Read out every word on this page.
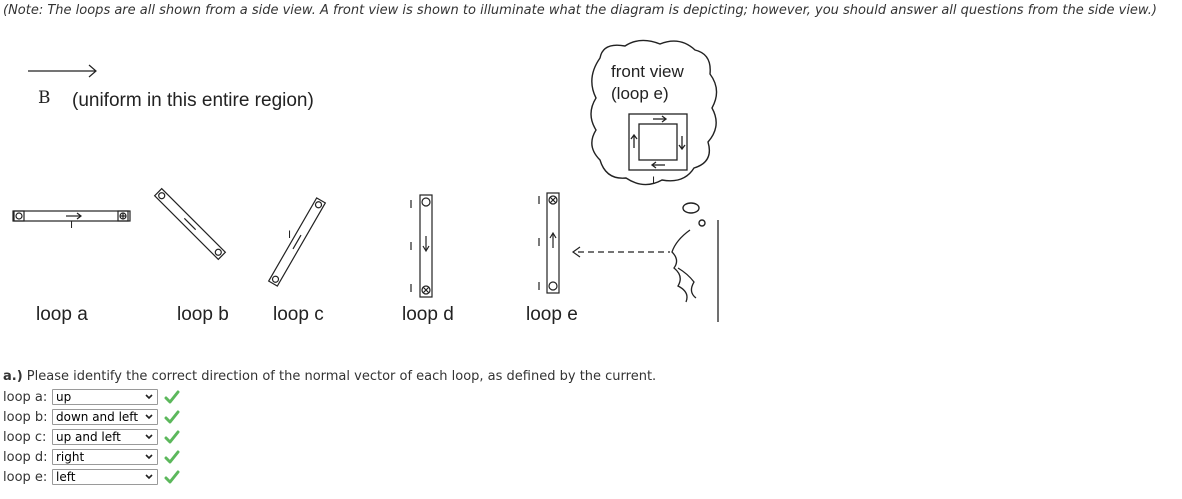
(Note: The loops are all shown from a side view. A front view is shown to illuminate what the diagram is depicting; however, you should answer all questions from the side view.)
B (uniform in this entire region)
front view
(loop e)
I
I
I
loop a	loop b loop c	loop d	loop e
a.) Please identify the correct direction of the normal vector of each loop, as defined by the current.
loop a: up
loop b: down and left
loop c: up and left
loop d: right
loop e: left
